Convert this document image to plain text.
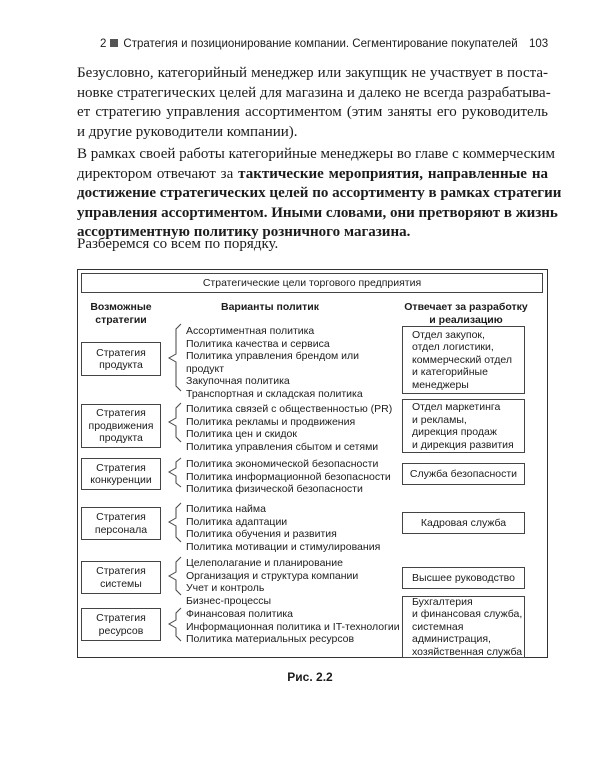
2 Стратегия и позиционирование компании. Сегментирование покупателей 103
Безусловно, категорийный менеджер или закупщик не участвует в поста-
новке стратегических целей для магазина и далеко не всегда разрабатыва-
ет стратегию управления ассортиментом (этим заняты его руководитель
и другие руководители компании).
В рамках своей работы категорийные менеджеры во главе с коммерческим
директором отвечают за тактические мероприятия, направленные на
достижение стратегических целей по ассортименту в рамках стратегии
управления ассортиментом. Иными словами, они претворяют в жизнь
ассортиментную политику розничного магазина.
Разберемся со всем по порядку.
Стратегические цели торгового предприятия
Возможные
стратегии
Варианты политик	Отвечает за разработку
и реализацию
Стратегия
продукта
Ассортиментная политика
Политика качества и сервиса
Политика управления брендом или
продукт
Закупочная политика
Транспортная и складская политика
Отдел закупок,
отдел логистики,
коммерческий отдел
и категорийные
менеджеры
Стратегия
продвижения
продукта
Политика связей с общественностью (PR)
Политика рекламы и продвижения
Политика цен и скидок
Политика управления сбытом и сетями
Отдел маркетинга
и рекламы,
дирекция продаж
и дирекция развития
Стратегия
конкуренции
Политика экономической безопасности
Политика информационной безопасности
Политика физической безопасности
Служба безопасности
Стратегия
персонала
Политика найма
Политика адаптации
Политика обучения и развития
Политика мотивации и стимулирования
Кадровая служба
Стратегия
системы
Целеполагание и планирование
Организация и структура компании
Учет и контроль
Бизнес-процессы
Высшее руководство
Стратегия
ресурсов
Финансовая политика
Информационная политика и IT-технологии
Политика материальных ресурсов
Бухгалтерия
и финансовая служба,
системная
администрация,
хозяйственная служба
Рис. 2.2
